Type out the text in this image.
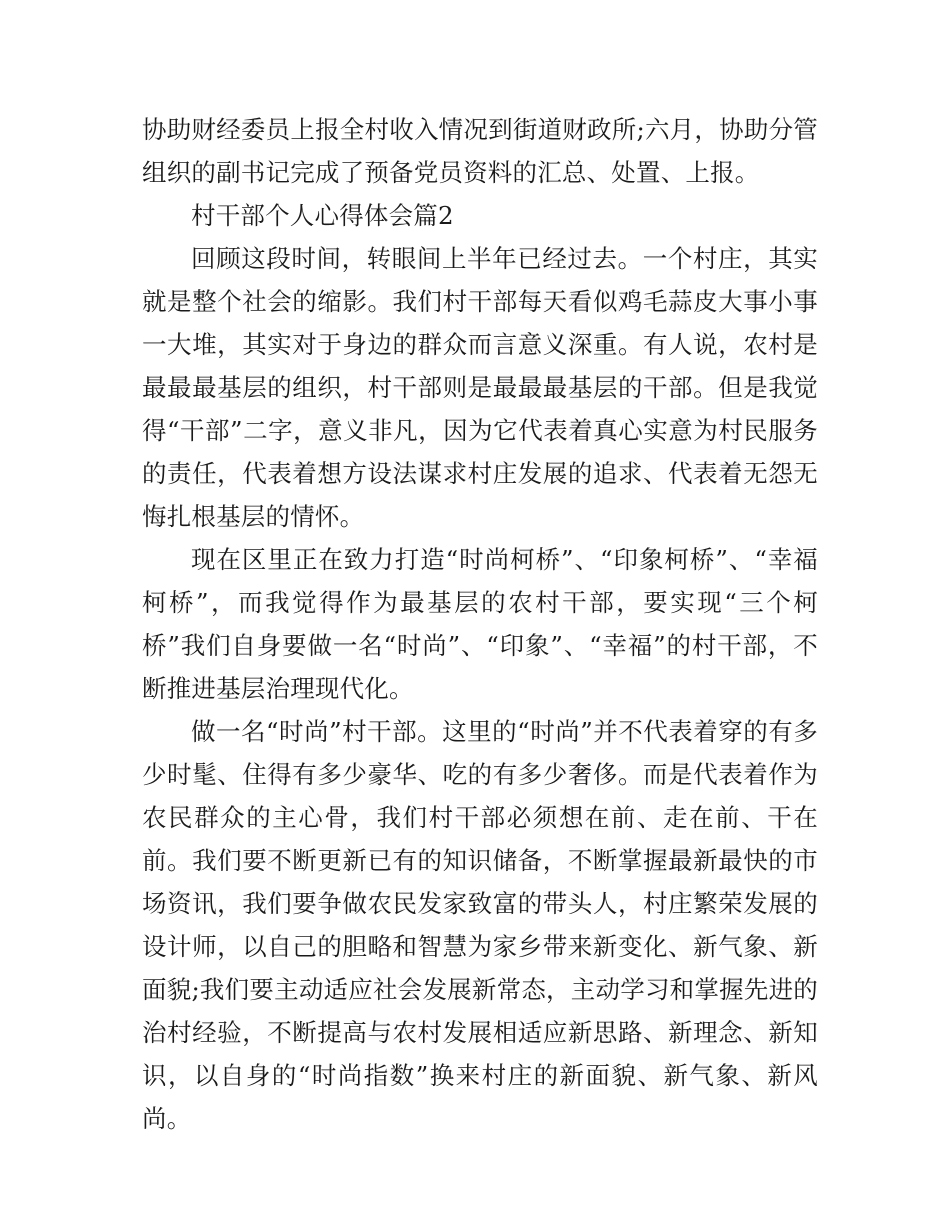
协助财经委员上报全村收入情况到街道财政所;六月，协助分管组织的副书记完成了预备党员资料的汇总、处置、上报。

村干部个人心得体会篇2

回顾这段时间，转眼间上半年已经过去。一个村庄，其实就是整个社会的缩影。我们村干部每天看似鸡毛蒜皮大事小事一大堆，其实对于身边的群众而言意义深重。有人说，农村是最最最基层的组织，村干部则是最最最基层的干部。但是我觉得“干部”二字，意义非凡，因为它代表着真心实意为村民服务的责任，代表着想方设法谋求村庄发展的追求、代表着无怨无悔扎根基层的情怀。

现在区里正在致力打造“时尚柯桥”、“印象柯桥”、“幸福柯桥”，而我觉得作为最基层的农村干部，要实现“三个柯桥”我们自身要做一名“时尚”、“印象”、“幸福”的村干部，不断推进基层治理现代化。

做一名“时尚”村干部。这里的“时尚”并不代表着穿的有多少时髦、住得有多少豪华、吃的有多少奢侈。而是代表着作为农民群众的主心骨，我们村干部必须想在前、走在前、干在前。我们要不断更新已有的知识储备，不断掌握最新最快的市场资讯，我们要争做农民发家致富的带头人，村庄繁荣发展的设计师，以自己的胆略和智慧为家乡带来新变化、新气象、新面貌;我们要主动适应社会发展新常态，主动学习和掌握先进的治村经验，不断提高与农村发展相适应新思路、新理念、新知识，以自身的“时尚指数”换来村庄的新面貌、新气象、新风尚。
